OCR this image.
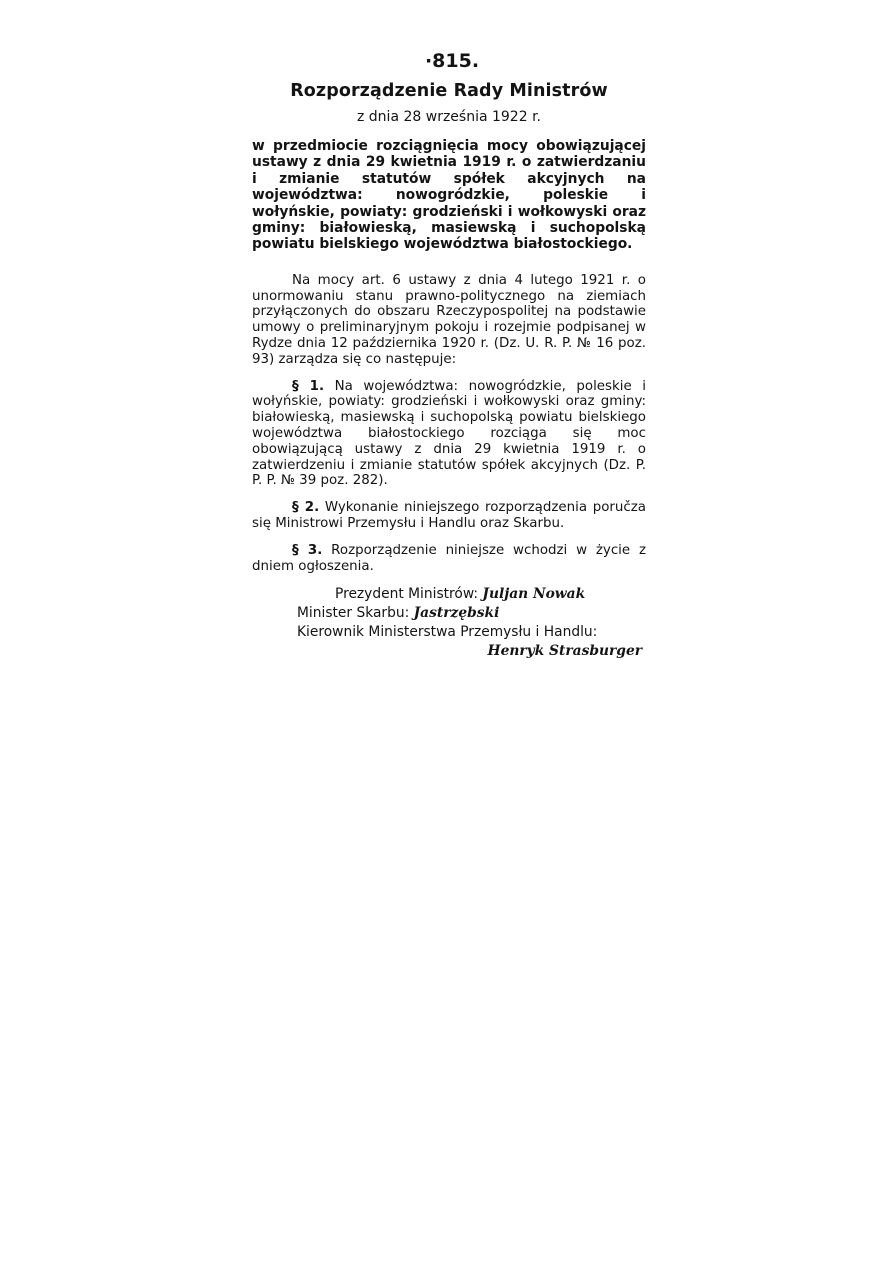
·815.
Rozporządzenie Rady Ministrów
z dnia 28 września 1922 r.
w przedmiocie rozciągnięcia mocy obowiązującej ustawy z dnia 29 kwietnia 1919 r. o zatwierdzaniu i zmianie statutów spółek akcyjnych na województwa: nowogródzkie, poleskie i wołyńskie, powiaty: grodzieński i wołkowyski oraz gminy: białowieską, masiewską i suchopolską powiatu bielskiego województwa białostockiego.
Na mocy art. 6 ustawy z dnia 4 lutego 1921 r. o unormowaniu stanu prawno-politycznego na ziemiach przyłączonych do obszaru Rzeczypospolitej na podstawie umowy o preliminaryjnym pokoju i rozejmie podpisanej w Rydze dnia 12 października 1920 r. (Dz. U. R. P. № 16 poz. 93) zarządza się co następuje:
§ 1. Na województwa: nowogródzkie, poleskie i wołyńskie, powiaty: grodzieński i wołkowyski oraz gminy: białowieską, masiewską i suchopolską powiatu bielskiego województwa białostockiego rozciąga się moc obowiązującą ustawy z dnia 29 kwietnia 1919 r. o zatwierdzeniu i zmianie statutów spółek akcyjnych (Dz. P. P. P. № 39 poz. 282).
§ 2. Wykonanie niniejszego rozporządzenia poručza się Ministrowi Przemysłu i Handlu oraz Skarbu.
§ 3. Rozporządzenie niniejsze wchodzi w życie z dniem ogłoszenia.
Prezydent Ministrów: Juljan Nowak
Minister Skarbu: Jastrzębski
Kierownik Ministerstwa Przemysłu i Handlu:
Henryk Strasburger
